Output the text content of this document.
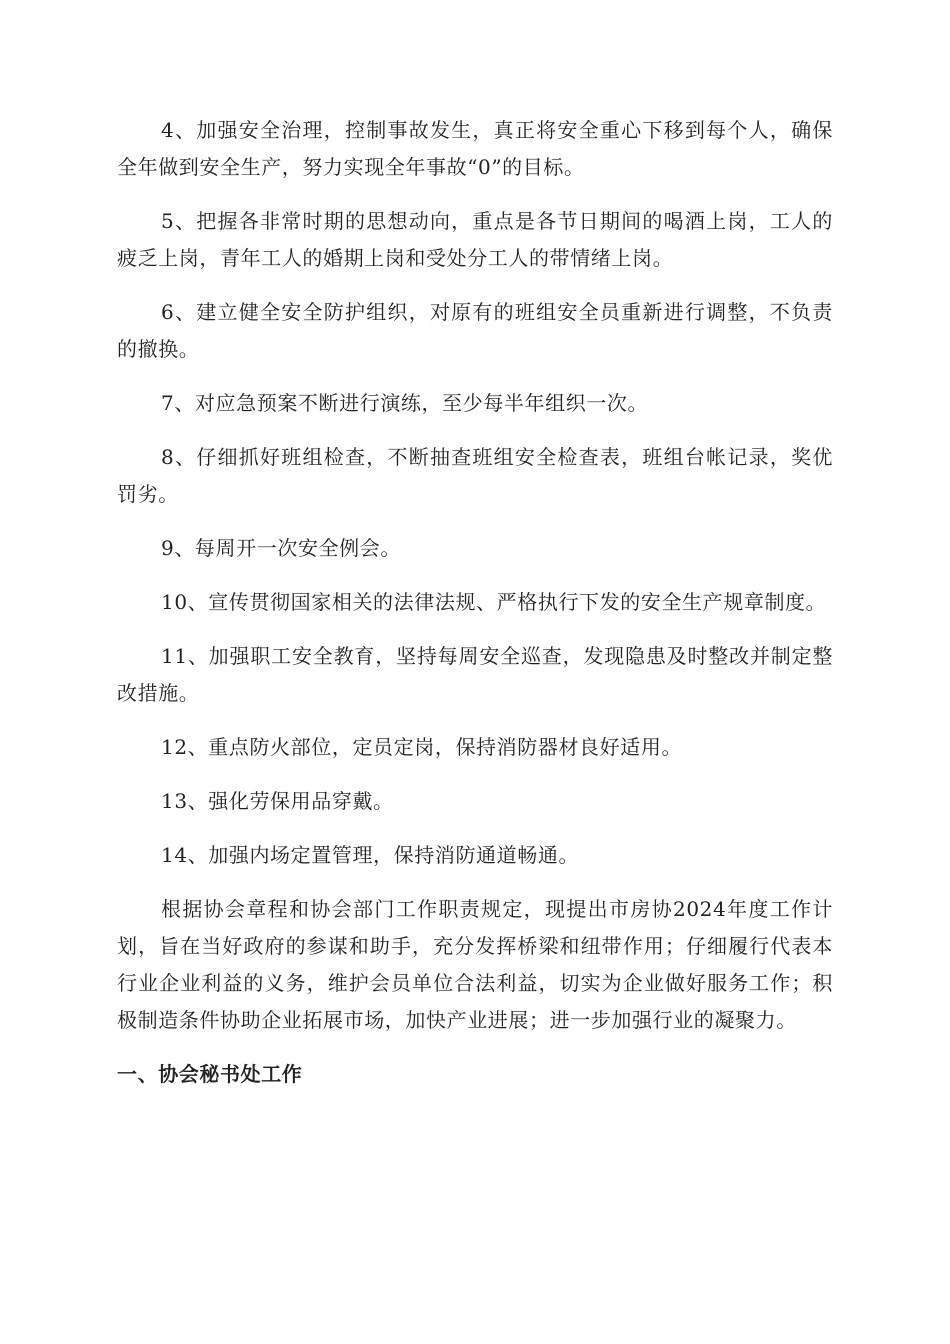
4、加强安全治理，控制事故发生，真正将安全重心下移到每个人，确保全年做到安全生产，努力实现全年事故“0”的目标。

5、把握各非常时期的思想动向，重点是各节日期间的喝酒上岗，工人的疲乏上岗，青年工人的婚期上岗和受处分工人的带情绪上岗。

6、建立健全安全防护组织，对原有的班组安全员重新进行调整，不负责的撤换。

7、对应急预案不断进行演练，至少每半年组织一次。

8、仔细抓好班组检查，不断抽查班组安全检查表，班组台帐记录，奖优罚劣。

9、每周开一次安全例会。

10、宣传贯彻国家相关的法律法规、严格执行下发的安全生产规章制度。

11、加强职工安全教育，坚持每周安全巡查，发现隐患及时整改并制定整改措施。

12、重点防火部位，定员定岗，保持消防器材良好适用。

13、强化劳保用品穿戴。

14、加强内场定置管理，保持消防通道畅通。

根据协会章程和协会部门工作职责规定，现提出市房协2024年度工作计划，旨在当好政府的参谋和助手，充分发挥桥梁和纽带作用；仔细履行代表本行业企业利益的义务，维护会员单位合法利益，切实为企业做好服务工作；积极制造条件协助企业拓展市场，加快产业进展；进一步加强行业的凝聚力。

一、协会秘书处工作
